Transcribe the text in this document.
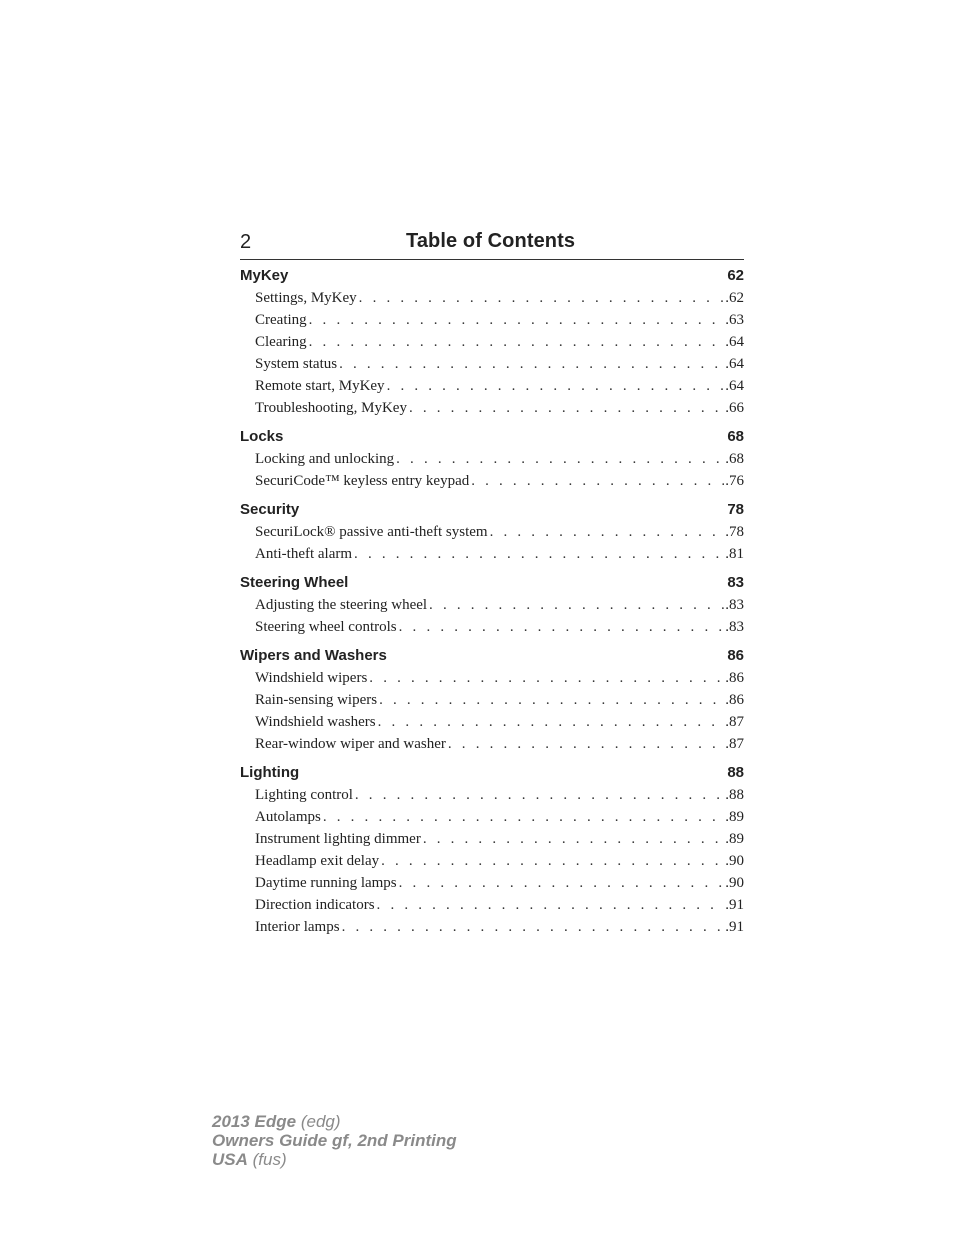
2	Table of Contents
MyKey	62
Settings, MyKey . . .	.62
Creating . . .	.63
Clearing . . .	.64
System status . . .	.64
Remote start, MyKey . . .	.64
Troubleshooting, MyKey . . .	.66
Locks	68
Locking and unlocking . . .	.68
SecuriCode™ keyless entry keypad . . .	.76
Security	78
SecuriLock® passive anti-theft system . . .	.78
Anti-theft alarm . . .	.81
Steering Wheel	83
Adjusting the steering wheel . . .	.83
Steering wheel controls . . .	.83
Wipers and Washers	86
Windshield wipers . . .	.86
Rain-sensing wipers . . .	.86
Windshield washers . . .	.87
Rear-window wiper and washer . . .	.87
Lighting	88
Lighting control . . .	.88
Autolamps . . .	.89
Instrument lighting dimmer . . .	.89
Headlamp exit delay . . .	.90
Daytime running lamps . . .	.90
Direction indicators . . .	.91
Interior lamps . . .	.91
2013 Edge (edg)
Owners Guide gf, 2nd Printing
USA (fus)
